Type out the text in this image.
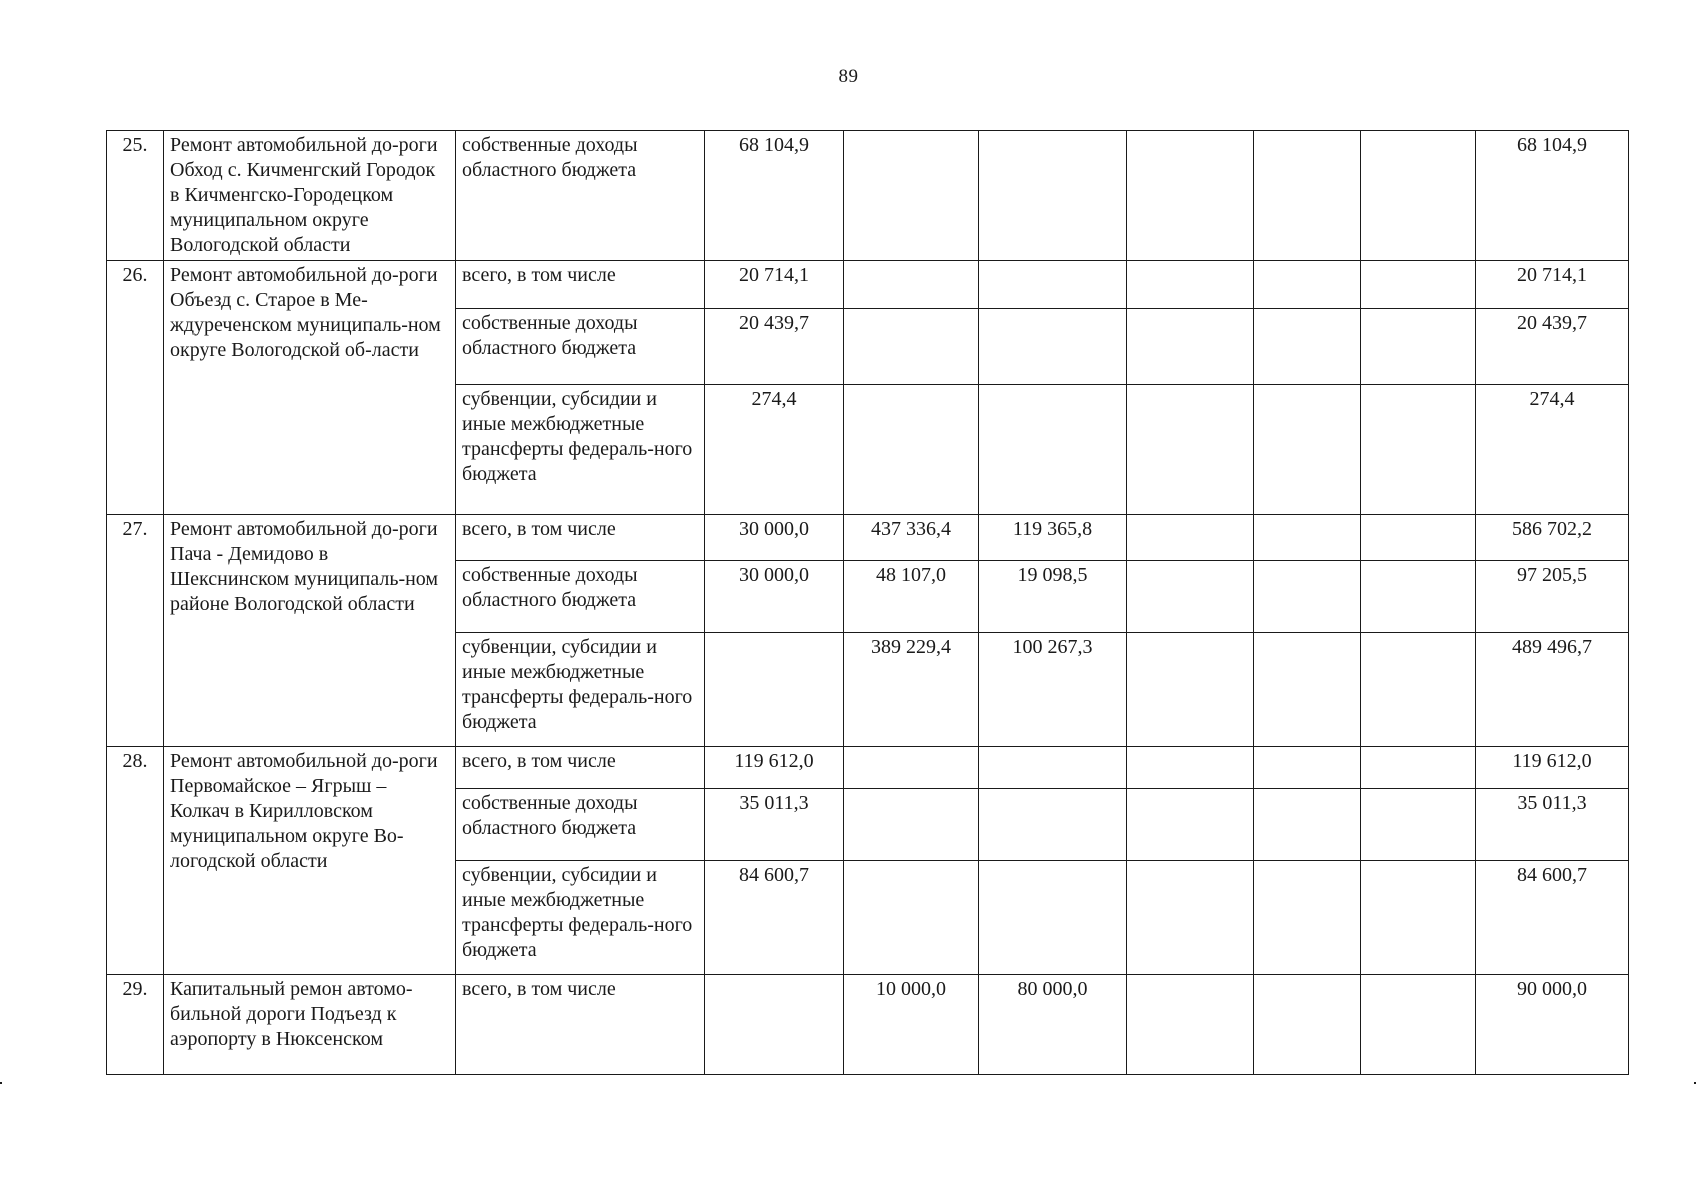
89
25.	Ремонт автомобильной до-роги Обход с. Кичменгский Городок в Кичменгско-Городецком муниципальном округе Вологодской области	собственные доходы областного бюджета	68 104,9						68 104,9
26.	Ремонт автомобильной до-роги Объезд с. Старое в Ме-ждуреченском муниципаль-ном округе Вологодской об-ласти	всего, в том числе	20 714,1						20 714,1
		собственные доходы областного бюджета	20 439,7						20 439,7
		субвенции, субсидии и иные межбюджетные трансферты федераль-ного бюджета	274,4						274,4
27.	Ремонт автомобильной до-роги Пача - Демидово в Шекснинском муниципаль-ном районе Вологодской области	всего, в том числе	30 000,0	437 336,4	119 365,8				586 702,2
		собственные доходы областного бюджета	30 000,0	48 107,0	19 098,5				97 205,5
		субвенции, субсидии и иные межбюджетные трансферты федераль-ного бюджета		389 229,4	100 267,3				489 496,7
28.	Ремонт автомобильной до-роги Первомайское – Ягрыш – Колкач в Кирилловском муниципальном округе Во-логодской области	всего, в том числе	119 612,0						119 612,0
		собственные доходы областного бюджета	35 011,3						35 011,3
		субвенции, субсидии и иные межбюджетные трансферты федераль-ного бюджета	84 600,7						84 600,7
29.	Капитальный ремон автомо-бильной дороги Подъезд к аэропорту в Нюксенском	всего, в том числе		10 000,0	80 000,0				90 000,0
